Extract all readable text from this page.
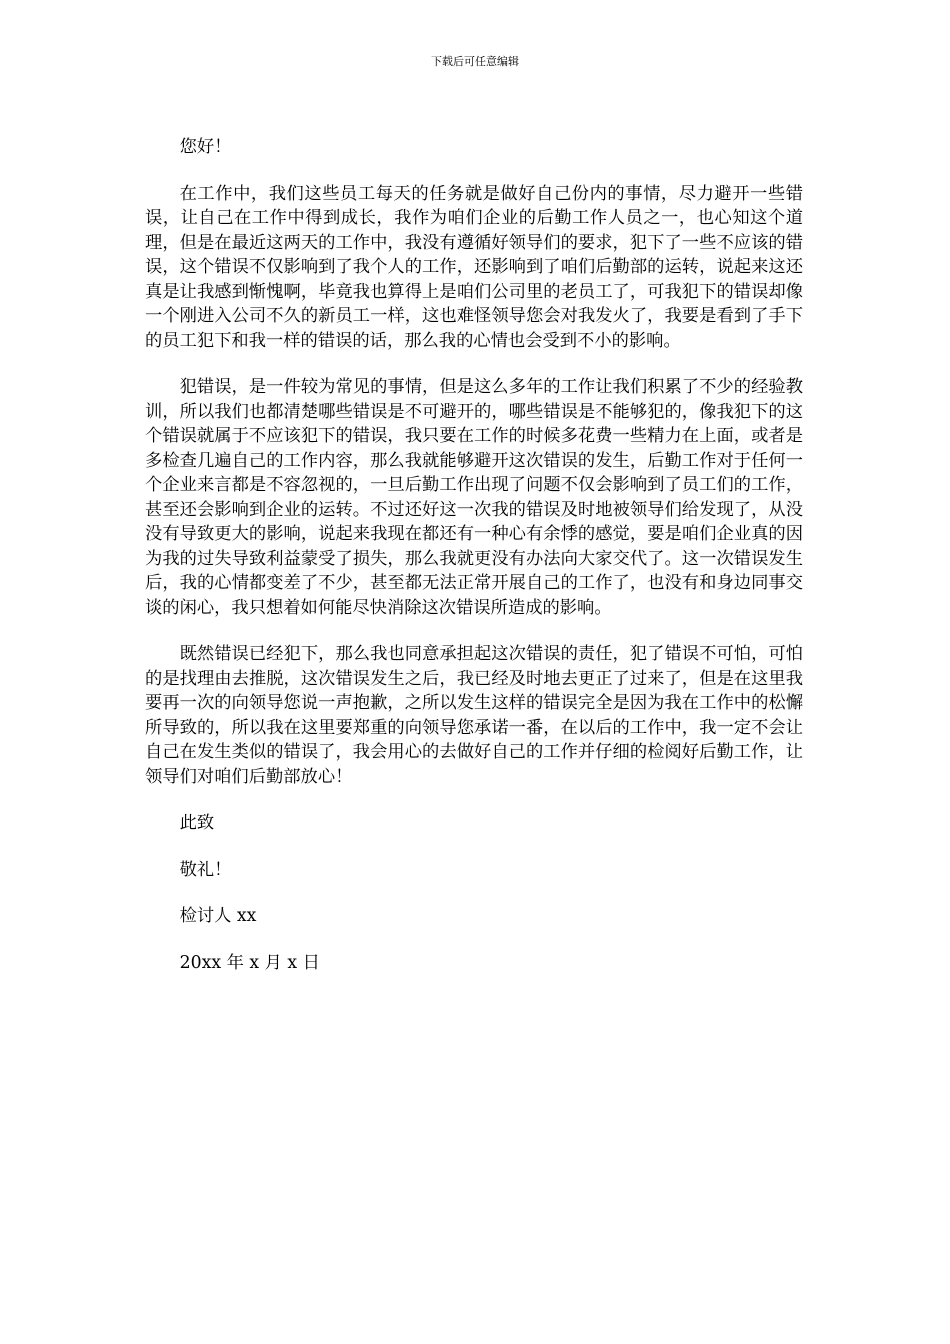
下载后可任意编辑

您好！

在工作中，我们这些员工每天的任务就是做好自己份内的事情，尽力避开一些错误，让自己在工作中得到成长，我作为咱们企业的后勤工作人员之一，也心知这个道理，但是在最近这两天的工作中，我没有遵循好领导们的要求，犯下了一些不应该的错误，这个错误不仅影响到了我个人的工作，还影响到了咱们后勤部的运转，说起来这还真是让我感到惭愧啊，毕竟我也算得上是咱们公司里的老员工了，可我犯下的错误却像一个刚进入公司不久的新员工一样，这也难怪领导您会对我发火了，我要是看到了手下的员工犯下和我一样的错误的话，那么我的心情也会受到不小的影响。

犯错误，是一件较为常见的事情，但是这么多年的工作让我们积累了不少的经验教训，所以我们也都清楚哪些错误是不可避开的，哪些错误是不能够犯的，像我犯下的这个错误就属于不应该犯下的错误，我只要在工作的时候多花费一些精力在上面，或者是多检查几遍自己的工作内容，那么我就能够避开这次错误的发生，后勤工作对于任何一个企业来言都是不容忽视的，一旦后勤工作出现了问题不仅会影响到了员工们的工作，甚至还会影响到企业的运转。不过还好这一次我的错误及时地被领导们给发现了，从没没有导致更大的影响，说起来我现在都还有一种心有余悸的感觉，要是咱们企业真的因为我的过失导致利益蒙受了损失，那么我就更没有办法向大家交代了。这一次错误发生后，我的心情都变差了不少，甚至都无法正常开展自己的工作了，也没有和身边同事交谈的闲心，我只想着如何能尽快消除这次错误所造成的影响。

既然错误已经犯下，那么我也同意承担起这次错误的责任，犯了错误不可怕，可怕的是找理由去推脱，这次错误发生之后，我已经及时地去更正了过来了，但是在这里我要再一次的向领导您说一声抱歉，之所以发生这样的错误完全是因为我在工作中的松懈所导致的，所以我在这里要郑重的向领导您承诺一番，在以后的工作中，我一定不会让自己在发生类似的错误了，我会用心的去做好自己的工作并仔细的检阅好后勤工作，让领导们对咱们后勤部放心！

此致

敬礼！

检讨人 xx

20xx 年 x 月 x 日
